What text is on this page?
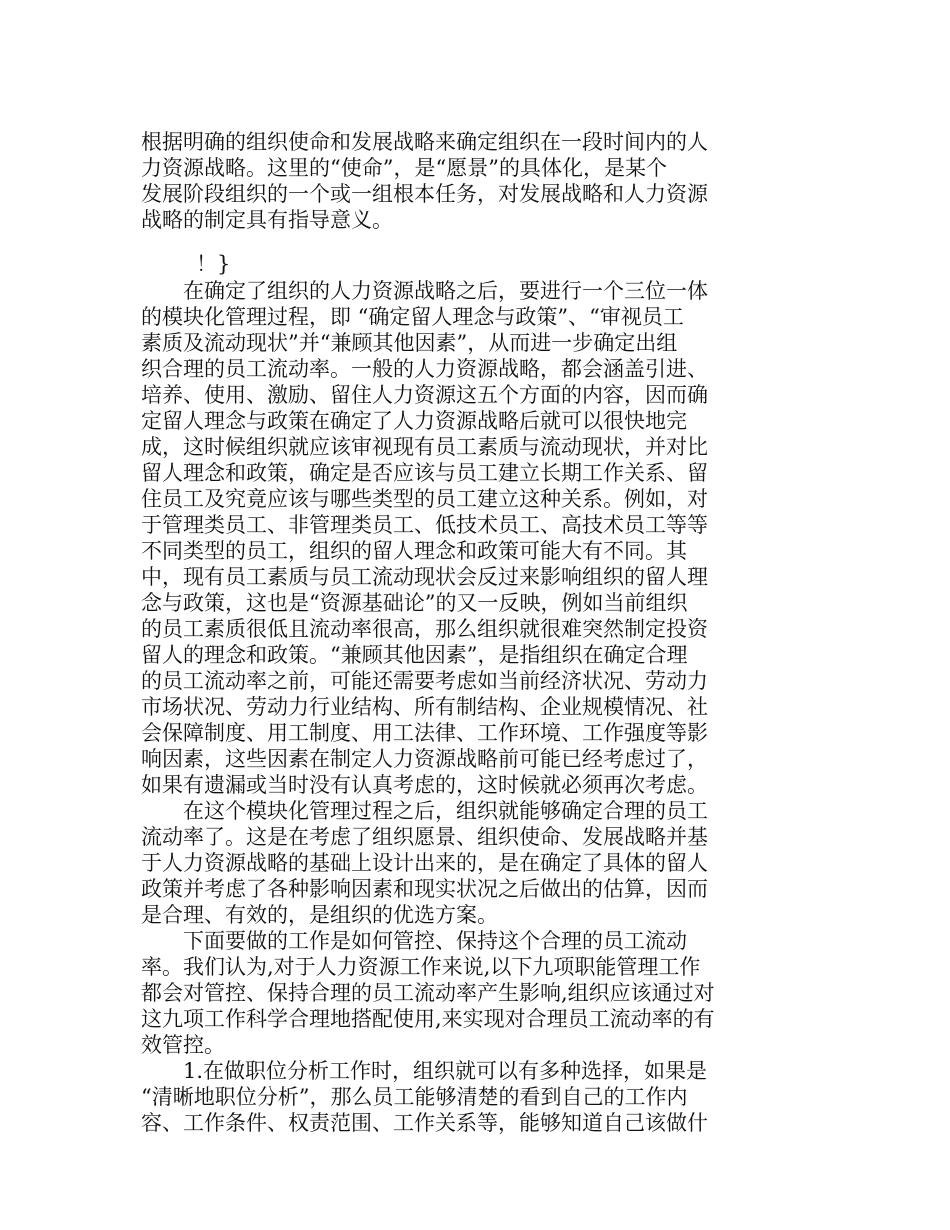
根据明确的组织使命和发展战略来确定组织在一段时间内的人
力资源战略。这里的“使命”，是“愿景”的具体化，是某个
发展阶段组织的一个或一组根本任务，对发展战略和人力资源
战略的制定具有指导意义。
！}
在确定了组织的人力资源战略之后，要进行一个三位一体
的模块化管理过程，即 “确定留人理念与政策”、“审视员工
素质及流动现状”并“兼顾其他因素”，从而进一步确定出组
织合理的员工流动率。一般的人力资源战略，都会涵盖引进、
培养、使用、激励、留住人力资源这五个方面的内容，因而确
定留人理念与政策在确定了人力资源战略后就可以很快地完
成，这时候组织就应该审视现有员工素质与流动现状，并对比
留人理念和政策，确定是否应该与员工建立长期工作关系、留
住员工及究竟应该与哪些类型的员工建立这种关系。例如，对
于管理类员工、非管理类员工、低技术员工、高技术员工等等
不同类型的员工，组织的留人理念和政策可能大有不同。其
中，现有员工素质与员工流动现状会反过来影响组织的留人理
念与政策，这也是“资源基础论”的又一反映，例如当前组织
的员工素质很低且流动率很高，那么组织就很难突然制定投资
留人的理念和政策。“兼顾其他因素”，是指组织在确定合理
的员工流动率之前，可能还需要考虑如当前经济状况、劳动力
市场状况、劳动力行业结构、所有制结构、企业规模情况、社
会保障制度、用工制度、用工法律、工作环境、工作强度等影
响因素，这些因素在制定人力资源战略前可能已经考虑过了，
如果有遗漏或当时没有认真考虑的，这时候就必须再次考虑。
在这个模块化管理过程之后，组织就能够确定合理的员工
流动率了。这是在考虑了组织愿景、组织使命、发展战略并基
于人力资源战略的基础上设计出来的，是在确定了具体的留人
政策并考虑了各种影响因素和现实状况之后做出的估算，因而
是合理、有效的，是组织的优选方案。
下面要做的工作是如何管控、保持这个合理的员工流动
率。我们认为,对于人力资源工作来说,以下九项职能管理工作
都会对管控、保持合理的员工流动率产生影响,组织应该通过对
这九项工作科学合理地搭配使用,来实现对合理员工流动率的有
效管控。
1.在做职位分析工作时，组织就可以有多种选择，如果是
“清晰地职位分析”，那么员工能够清楚的看到自己的工作内
容、工作条件、权责范围、工作关系等，能够知道自己该做什
